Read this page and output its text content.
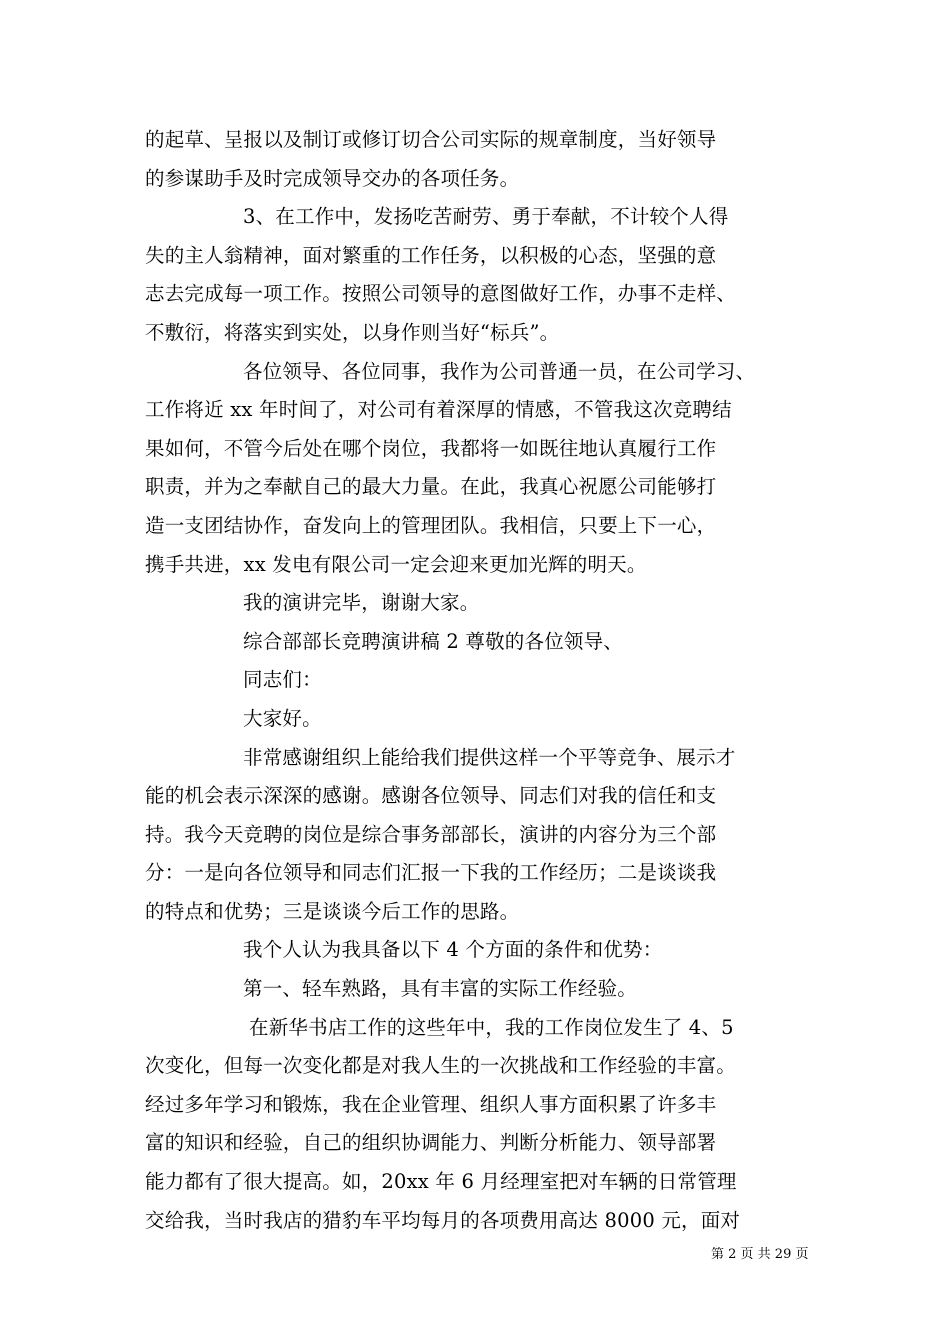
的起草、呈报以及制订或修订切合公司实际的规章制度，当好领导
的参谋助手及时完成领导交办的各项任务。
3、在工作中，发扬吃苦耐劳、勇于奉献，不计较个人得
失的主人翁精神，面对繁重的工作任务，以积极的心态，坚强的意
志去完成每一项工作。按照公司领导的意图做好工作，办事不走样、
不敷衍，将落实到实处，以身作则当好“标兵”。
各位领导、各位同事，我作为公司普通一员，在公司学习、
工作将近 xx 年时间了，对公司有着深厚的情感，不管我这次竞聘结
果如何，不管今后处在哪个岗位，我都将一如既往地认真履行工作
职责，并为之奉献自己的最大力量。在此，我真心祝愿公司能够打
造一支团结协作，奋发向上的管理团队。我相信，只要上下一心，
携手共进，xx 发电有限公司一定会迎来更加光辉的明天。
我的演讲完毕，谢谢大家。
综合部部长竞聘演讲稿 2 尊敬的各位领导、
同志们：
大家好。
非常感谢组织上能给我们提供这样一个平等竞争、展示才
能的机会表示深深的感谢。感谢各位领导、同志们对我的信任和支
持。我今天竞聘的岗位是综合事务部部长，演讲的内容分为三个部
分：一是向各位领导和同志们汇报一下我的工作经历；二是谈谈我
的特点和优势；三是谈谈今后工作的思路。
我个人认为我具备以下 4 个方面的条件和优势：
第一、轻车熟路，具有丰富的实际工作经验。
在新华书店工作的这些年中，我的工作岗位发生了 4、5
次变化，但每一次变化都是对我人生的一次挑战和工作经验的丰富。
经过多年学习和锻炼，我在企业管理、组织人事方面积累了许多丰
富的知识和经验，自己的组织协调能力、判断分析能力、领导部署
能力都有了很大提高。如，20xx 年 6 月经理室把对车辆的日常管理
交给我，当时我店的猎豹车平均每月的各项费用高达 8000 元，面对
第 2 页 共 29 页
